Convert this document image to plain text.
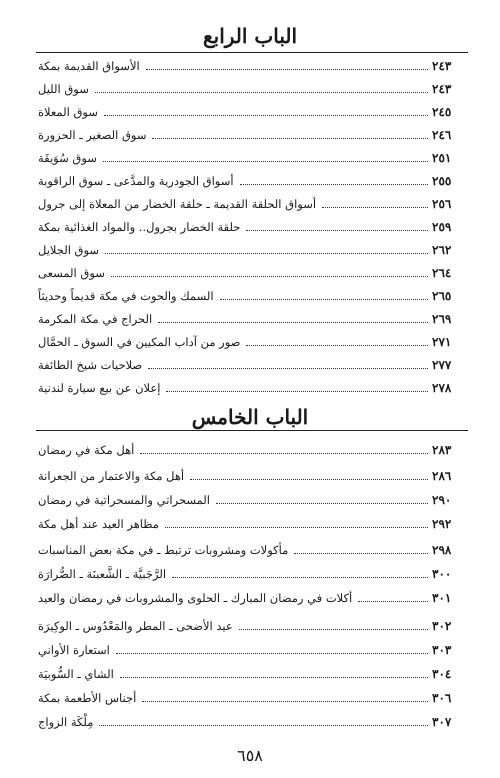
الباب الرابع
الأسواق القديمة بمكة	٢٤٣
سوق الليل	٢٤٣
سوق المعلاة	٢٤٥
سوق الصغير ـ الحزورة	٢٤٦
سوق سُوَيقَة	٢٥١
أسواق الجودرية والمدَّعى ـ سوق الراقوبة	٢٥٥
أسواق الحلقة القديمة ـ حلقة الخضار من المعلاة إلى جرول	٢٥٦
حلقة الخضار بجرول.. والمواد الغذائية بمكة	٢٥٩
سوق الجلايل	٢٦٢
سوق المسعى	٢٦٤
السمك والحوت في مكة قديماً وحديثاً	٢٦٥
الحراج في مكة المكرمة	٢٦٩
صور من آداب المكيين في السوق ـ الحمَّال	٢٧١
صلاحيات شيخ الطائفة	٢٧٧
إعلان عن بيع سيارة لندنية	٢٧٨
الباب الخامس
أهل مكة في رمضان	٢٨٣
أهل مكة والاعتمار من الجعرانة	٢٨٦
المسحراتي والمسحراتية في رمضان	٢٩٠
مظاهر العيد عند أهل مكة	٢٩٢
مأكولات ومشروبات ترتبط ـ في مكة بعض المناسبات	٢٩٨
الرَّجَبيَّة ـ الشَّعبنَة ـ الصُّرارَة	٣٠٠
أكلات في رمضان المبارك ـ الحلوى والمشروبات في رمضان والعيد	٣٠١
عيد الأضحى ـ المطر والمَعْدُوس ـ الوكِيرَة	٣٠٢
استعارة الأواني	٣٠٣
الشاي ـ السُّوبيَة	٣٠٤
أجناس الأطعمة بمكة	٣٠٦
مِلْكَة الزواج	٣٠٧
٦٥٨
